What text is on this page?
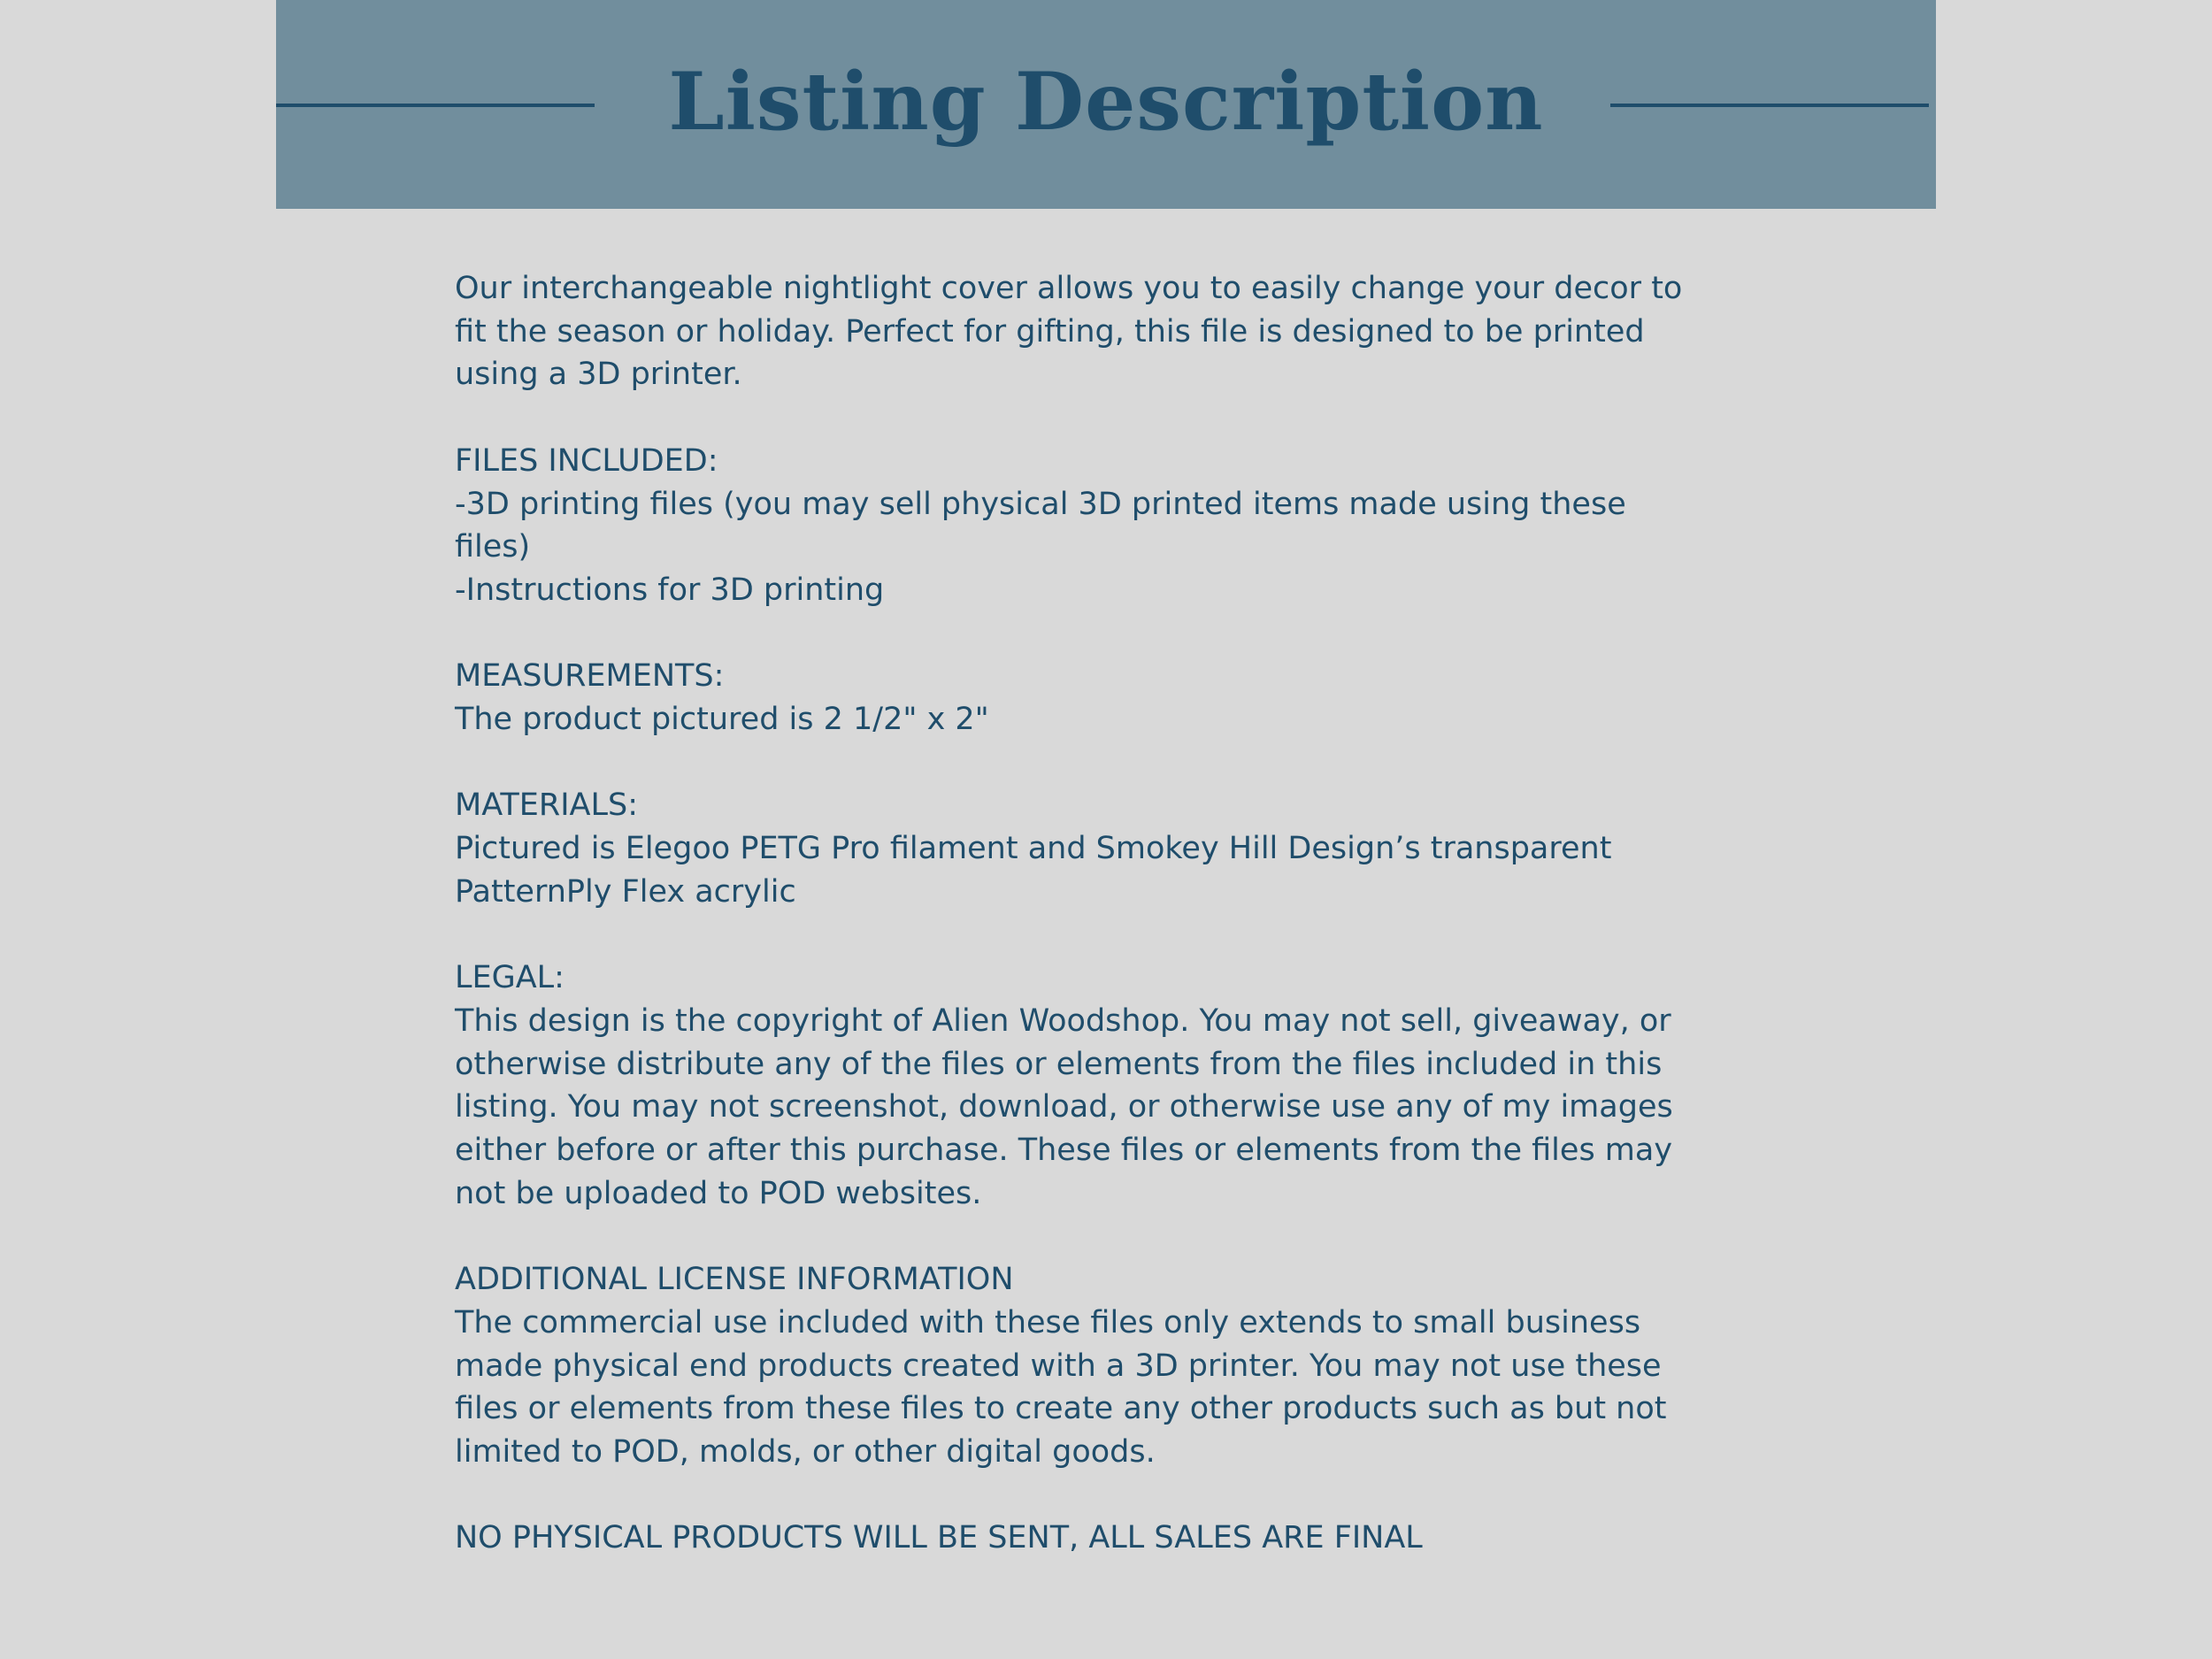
Listing Description

Our interchangeable nightlight cover allows you to easily change your decor to
fit the season or holiday. Perfect for gifting, this file is designed to be printed
using a 3D printer.

FILES INCLUDED:
-3D printing files (you may sell physical 3D printed items made using these
files)
-Instructions for 3D printing

MEASUREMENTS:
The product pictured is 2 1/2" x 2"

MATERIALS:
Pictured is Elegoo PETG Pro filament and Smokey Hill Design’s transparent
PatternPly Flex acrylic

LEGAL:
This design is the copyright of Alien Woodshop. You may not sell, giveaway, or
otherwise distribute any of the files or elements from the files included in this
listing. You may not screenshot, download, or otherwise use any of my images
either before or after this purchase. These files or elements from the files may
not be uploaded to POD websites.

ADDITIONAL LICENSE INFORMATION
The commercial use included with these files only extends to small business
made physical end products created with a 3D printer. You may not use these
files or elements from these files to create any other products such as but not
limited to POD, molds, or other digital goods.

NO PHYSICAL PRODUCTS WILL BE SENT, ALL SALES ARE FINAL
